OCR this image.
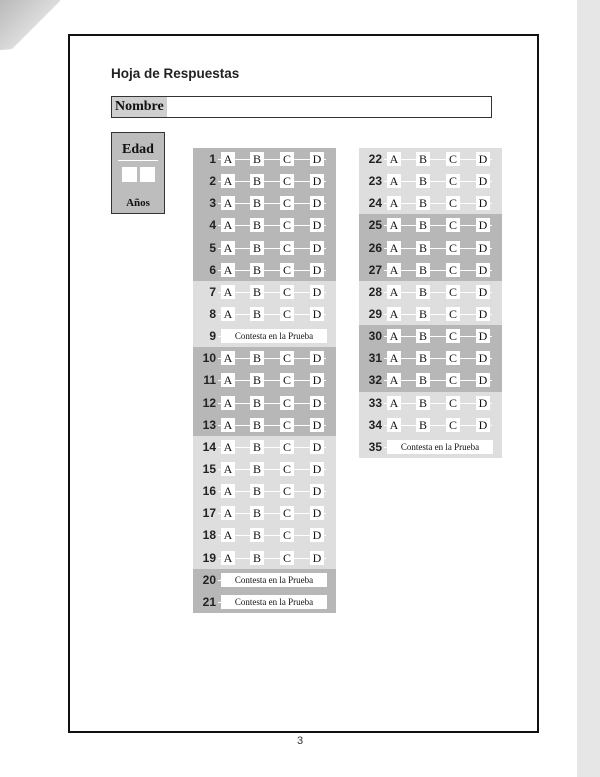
Hoja de Respuestas
Nombre
Edad
Años
1 A B C D
2 A B C D
3 A B C D
4 A B C D
5 A B C D
6 A B C D
7 A B C D
8 A B C D
9	Contesta en la Prueba
10 A B C D
11 A B C D
12 A B C D
13 A B C D
14 A B C D
15 A B C D
16 A B C D
17 A B C D
18 A B C D
19 A B C D
20	Contesta en la Prueba
21	Contesta en la Prueba
22 A B C D
23 A B C D
24 A B C D
25 A B C D
26 A B C D
27 A B C D
28 A B C D
29 A B C D
30 A B C D
31 A B C D
32 A B C D
33 A B C D
34 A B C D
35	Contesta en la Prueba
3
